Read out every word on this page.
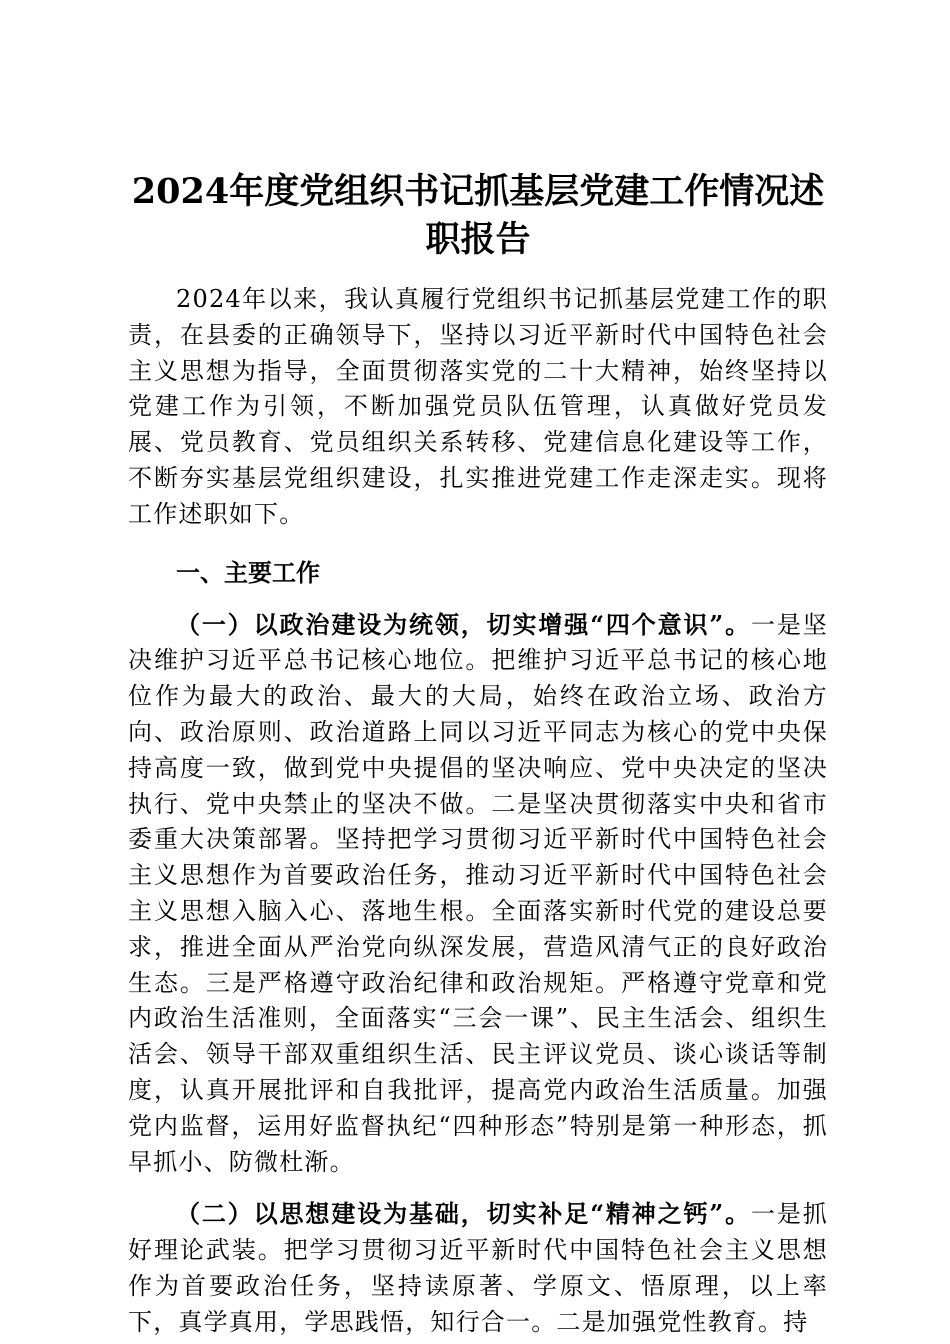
2024年度党组织书记抓基层党建工作情况述
职报告

2024年以来，我认真履行党组织书记抓基层党建工作的职责，在县委的正确领导下，坚持以习近平新时代中国特色社会主义思想为指导，全面贯彻落实党的二十大精神，始终坚持以党建工作为引领，不断加强党员队伍管理，认真做好党员发展、党员教育、党员组织关系转移、党建信息化建设等工作，不断夯实基层党组织建设，扎实推进党建工作走深走实。现将工作述职如下。

一、主要工作

（一）以政治建设为统领，切实增强“四个意识”。一是坚决维护习近平总书记核心地位。把维护习近平总书记的核心地位作为最大的政治、最大的大局，始终在政治立场、政治方向、政治原则、政治道路上同以习近平同志为核心的党中央保持高度一致，做到党中央提倡的坚决响应、党中央决定的坚决执行、党中央禁止的坚决不做。二是坚决贯彻落实中央和省市委重大决策部署。坚持把学习贯彻习近平新时代中国特色社会主义思想作为首要政治任务，推动习近平新时代中国特色社会主义思想入脑入心、落地生根。全面落实新时代党的建设总要求，推进全面从严治党向纵深发展，营造风清气正的良好政治生态。三是严格遵守政治纪律和政治规矩。严格遵守党章和党内政治生活准则，全面落实“三会一课”、民主生活会、组织生活会、领导干部双重组织生活、民主评议党员、谈心谈话等制度，认真开展批评和自我批评，提高党内政治生活质量。加强党内监督，运用好监督执纪“四种形态”特别是第一种形态，抓早抓小、防微杜渐。

（二）以思想建设为基础，切实补足“精神之钙”。一是抓好理论武装。把学习贯彻习近平新时代中国特色社会主义思想作为首要政治任务，坚持读原著、学原文、悟原理，以上率下，真学真用，学思践悟，知行合一。二是加强党性教育。持
